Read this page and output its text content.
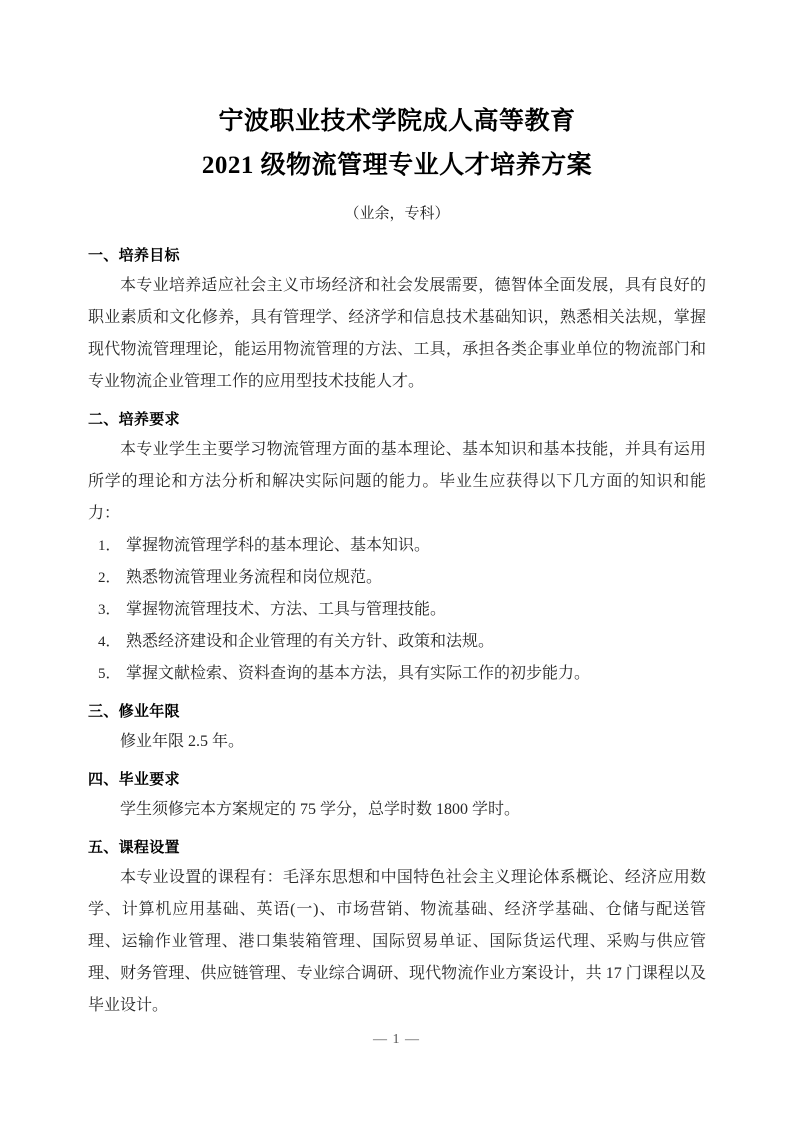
宁波职业技术学院成人高等教育
2021 级物流管理专业人才培养方案
（业余，专科）
一、培养目标

本专业培养适应社会主义市场经济和社会发展需要，德智体全面发展，具有良好的职业素质和文化修养，具有管理学、经济学和信息技术基础知识，熟悉相关法规，掌握现代物流管理理论，能运用物流管理的方法、工具，承担各类企事业单位的物流部门和专业物流企业管理工作的应用型技术技能人才。

二、培养要求

本专业学生主要学习物流管理方面的基本理论、基本知识和基本技能，并具有运用所学的理论和方法分析和解决实际问题的能力。毕业生应获得以下几方面的知识和能力：

1． 掌握物流管理学科的基本理论、基本知识。
2． 熟悉物流管理业务流程和岗位规范。
3． 掌握物流管理技术、方法、工具与管理技能。
4． 熟悉经济建设和企业管理的有关方针、政策和法规。
5． 掌握文献检索、资料查询的基本方法，具有实际工作的初步能力。
三、修业年限

修业年限 2.5 年。

四、毕业要求

学生须修完本方案规定的 75 学分，总学时数 1800 学时。

五、课程设置

本专业设置的课程有：毛泽东思想和中国特色社会主义理论体系概论、经济应用数学、计算机应用基础、英语(一)、市场营销、物流基础、经济学基础、仓储与配送管理、运输作业管理、港口集装箱管理、国际贸易单证、国际货运代理、采购与供应管理、财务管理、供应链管理、专业综合调研、现代物流作业方案设计，共 17 门课程以及毕业设计。

— 1 —
